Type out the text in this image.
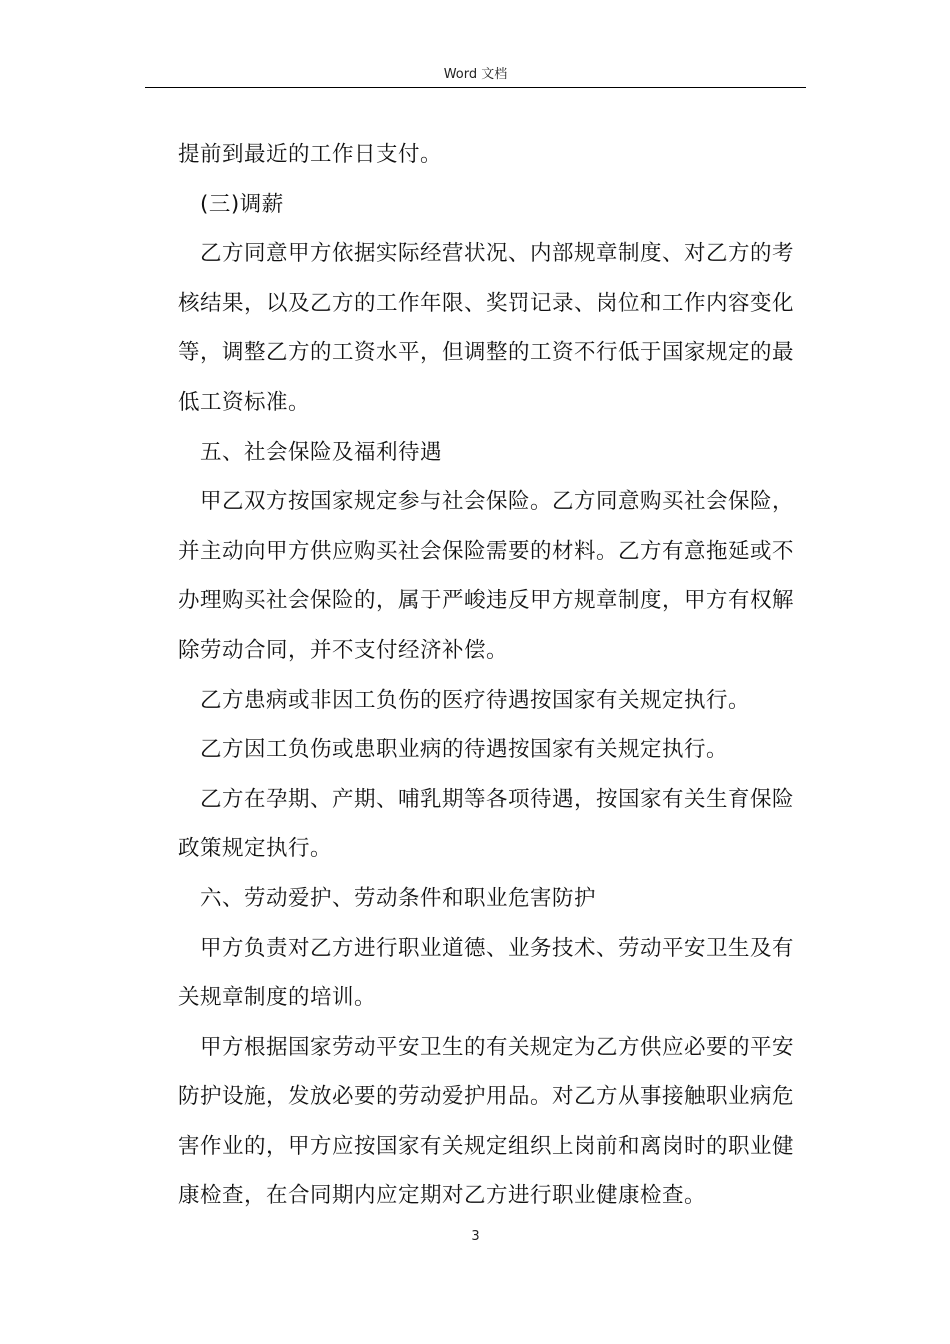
Word 文档

提前到最近的工作日支付。

(三)调薪

乙方同意甲方依据实际经营状况、内部规章制度、对乙方的考

核结果，以及乙方的工作年限、奖罚记录、岗位和工作内容变化

等，调整乙方的工资水平，但调整的工资不行低于国家规定的最

低工资标准。

五、社会保险及福利待遇

甲乙双方按国家规定参与社会保险。乙方同意购买社会保险，

并主动向甲方供应购买社会保险需要的材料。乙方有意拖延或不

办理购买社会保险的，属于严峻违反甲方规章制度，甲方有权解

除劳动合同，并不支付经济补偿。

乙方患病或非因工负伤的医疗待遇按国家有关规定执行。

乙方因工负伤或患职业病的待遇按国家有关规定执行。

乙方在孕期、产期、哺乳期等各项待遇，按国家有关生育保险

政策规定执行。

六、劳动爱护、劳动条件和职业危害防护

甲方负责对乙方进行职业道德、业务技术、劳动平安卫生及有

关规章制度的培训。

甲方根据国家劳动平安卫生的有关规定为乙方供应必要的平安

防护设施，发放必要的劳动爱护用品。对乙方从事接触职业病危

害作业的，甲方应按国家有关规定组织上岗前和离岗时的职业健

康检查，在合同期内应定期对乙方进行职业健康检查。

3
